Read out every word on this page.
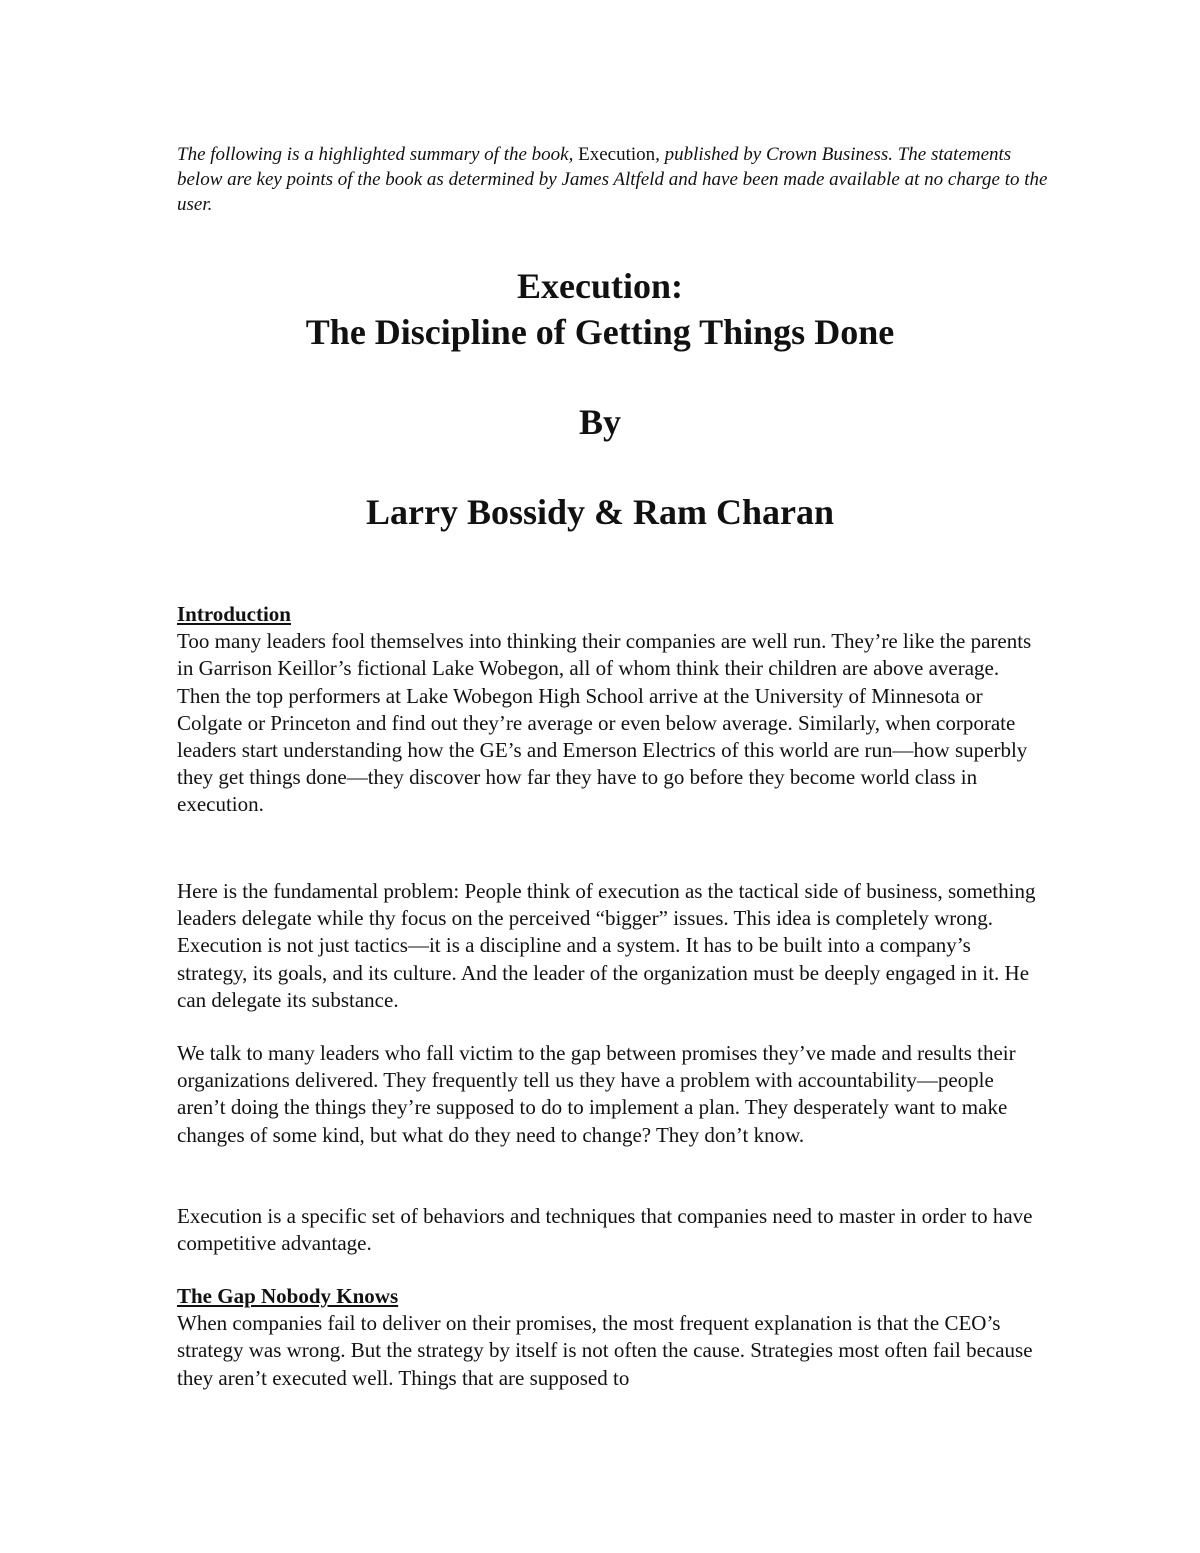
The following is a highlighted summary of the book, Execution, published by Crown Business. The statements below are key points of the book as determined by James Altfeld and have been made available at no charge to the user.
Execution:
The Discipline of Getting Things Done
By
Larry Bossidy & Ram Charan
Introduction

Too many leaders fool themselves into thinking their companies are well run. They’re like the parents in Garrison Keillor’s fictional Lake Wobegon, all of whom think their children are above average. Then the top performers at Lake Wobegon High School arrive at the University of Minnesota or Colgate or Princeton and find out they’re average or even below average. Similarly, when corporate leaders start understanding how the GE’s and Emerson Electrics of this world are run—how superbly they get things done—they discover how far they have to go before they become world class in execution.

Here is the fundamental problem: People think of execution as the tactical side of business, something leaders delegate while thy focus on the perceived “bigger” issues. This idea is completely wrong. Execution is not just tactics—it is a discipline and a system. It has to be built into a company’s strategy, its goals, and its culture. And the leader of the organization must be deeply engaged in it. He can delegate its substance.

We talk to many leaders who fall victim to the gap between promises they’ve made and results their organizations delivered. They frequently tell us they have a problem with accountability—people aren’t doing the things they’re supposed to do to implement a plan. They desperately want to make changes of some kind, but what do they need to change? They don’t know.

Execution is a specific set of behaviors and techniques that companies need to master in order to have competitive advantage.

The Gap Nobody Knows

When companies fail to deliver on their promises, the most frequent explanation is that the CEO’s strategy was wrong. But the strategy by itself is not often the cause. Strategies most often fail because they aren’t executed well. Things that are supposed to
